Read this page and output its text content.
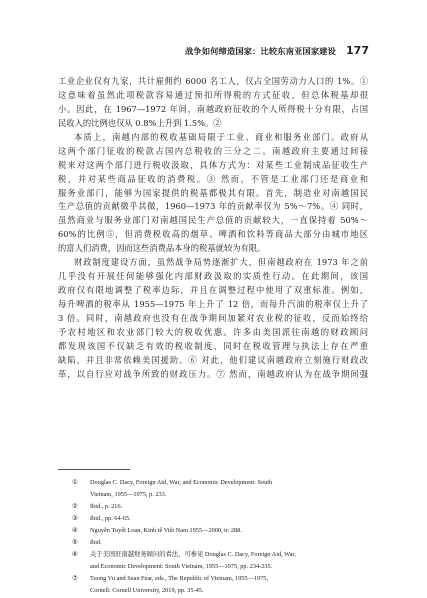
战争如何缔造国家：比较东南亚国家建设 177
工业企业仅有九家，共计雇佣约 6000 名工人，仅占全国劳动力人口的 1%。①
这意味着虽然此项税款容易通过预扣所得税的方式征收，但总体税基却很
小。因此，在 1967—1972 年间，南越政府征收的个人所得税十分有限，占国
民收入的比例也仅从 0.8%上升到 1.5%。②
本质上，南越内部的税收基础局限于工业、商业和服务业部门。政府从
这两个部门征收的税款占国内总税收的三分之二。南越政府主要通过间接
税来对这两个部门进行税收汲取，具体方式为：对某些工业制成品征收生产
税，并对某些商品征收的消费税。③ 然而，不管是工业部门还是商业和
服务业部门，能够为国家提供的税基都极其有限。首先，制造业对南越国民
生产总值的贡献微乎其微，1960—1973 年的贡献率仅为 5%～7%。④ 同时，
虽然商业与服务业部门对南越国民生产总值的贡献较大，一直保持着 50%～
60%的比例⑤，但消费税收高的烟草、啤酒和饮料等商品大部分由城市地区
的富人们消费，因而这些消费品本身的税基就较为有限。
财政制度建设方面，虽然战争局势逐渐扩大，但南越政府在 1973 年之前
几乎没有开展任何能够强化内部财政汲取的实质性行动。在此期间，该国
政府仅有限地调整了税率边际，并且在调整过程中使用了双重标准。例如，
每升啤酒的税率从 1955—1975 年上升了 12 倍，而每升汽油的税率仅上升了
3 倍。同时，南越政府也没有在战争期间加紧对农业税的征收，反而始终给
予农村地区和农业部门较大的税收优惠。许多由美国派往南越的财政顾问
都发现该国不仅缺乏有效的税收制度，同时在税收管理与执法上存在严重
缺陷，并且非常依赖美国援助。⑥ 对此，他们建议南越政府立刻施行财政改
革，以自行应对战争所致的财政压力。⑦ 然而，南越政府认为在战争期间强
① Douglas C. Dacy, Foreign Aid, War, and Economic Development: South
Vietnam, 1955—1975, p. 233.
② Ibid., p. 216.
③ Ibid., pp. 64-65.
④ Nguyễn Tuyết Loan, Kinh tế Việt Nam 1955—2000, tr. 288.
⑤ Ibid.
⑥ 关于美国驻南越财务顾问的看法，可参见 Douglas C. Dacy, Foreign Aid, War,
and Economic Development: South Vietnam, 1955—1975, pp. 234-235.
⑦ Tuong Vu and Sean Fear, eds., The Republic of Vietnam, 1955—1975,
Cornell: Cornell University, 2019, pp. 35-45.
